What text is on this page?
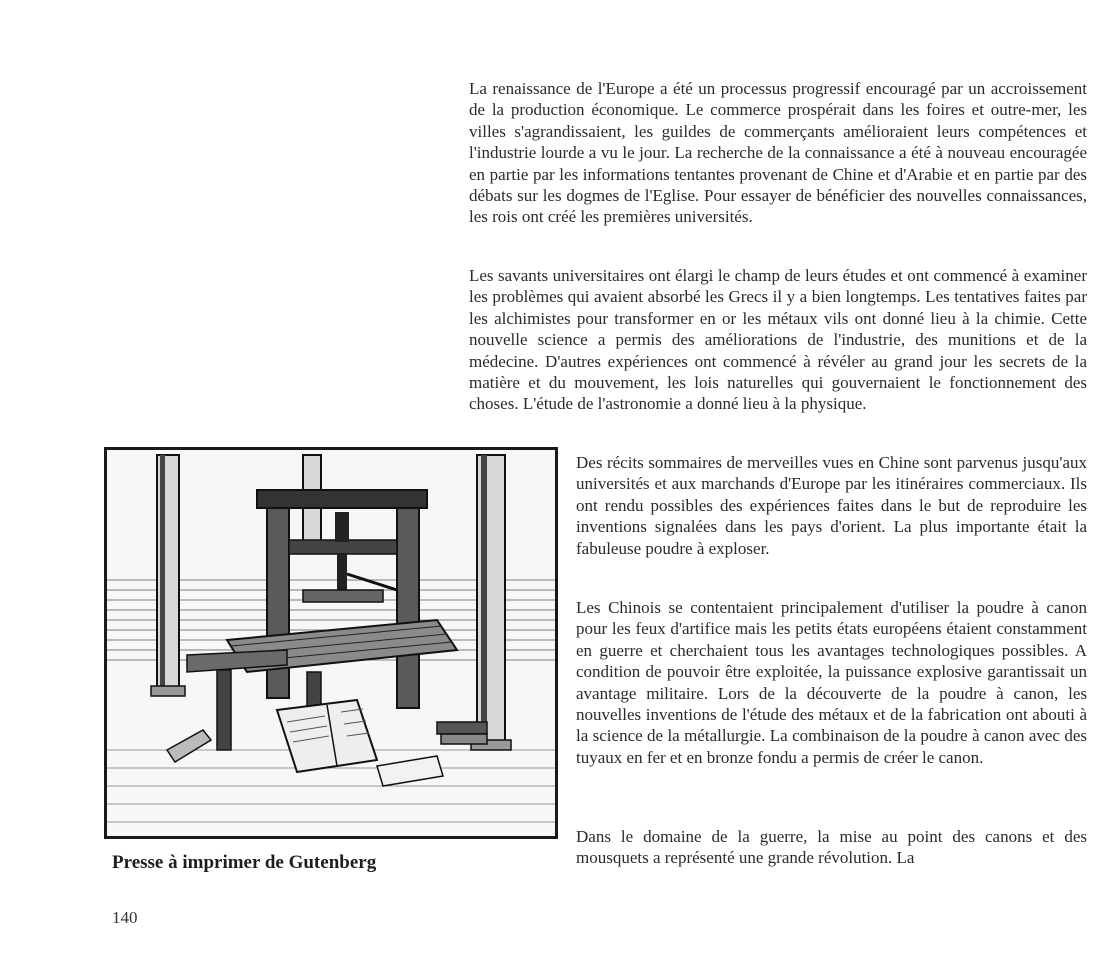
La renaissance de l'Europe a été un processus progressif encouragé par un accroissement de la production économique. Le commerce prospérait dans les foires et outre-mer, les villes s'agrandissaient, les guildes de commerçants amélioraient leurs compétences et l'industrie lourde a vu le jour. La recherche de la connaissance a été à nouveau encouragée en partie par les informations tentantes provenant de Chine et d'Arabie et en partie par des débats sur les dogmes de l'Eglise. Pour essayer de bénéficier des nouvelles connaissances, les rois ont créé les premières universités.

Les savants universitaires ont élargi le champ de leurs études et ont commencé à examiner les problèmes qui avaient absorbé les Grecs il y a bien longtemps. Les tentatives faites par les alchimistes pour transformer en or les métaux vils ont donné lieu à la chimie. Cette nouvelle science a permis des améliorations de l'industrie, des munitions et de la médecine. D'autres expériences ont commencé à révéler au grand jour les secrets de la matière et du mouvement, les lois naturelles qui gouvernaient le fonctionnement des choses. L'étude de l'astronomie a donné lieu à la physique.

Presse à imprimer de Gutenberg

Des récits sommaires de merveilles vues en Chine sont parvenus jusqu'aux universités et aux marchands d'Europe par les itinéraires commerciaux. Ils ont rendu possibles des expériences faites dans le but de reproduire les inventions signalées dans les pays d'orient. La plus importante était la fabuleuse poudre à exploser.

Les Chinois se contentaient principalement d'utiliser la poudre à canon pour les feux d'artifice mais les petits états européens étaient constamment en guerre et cherchaient tous les avantages technologiques possibles. A condition de pouvoir être exploitée, la puissance explosive garantissait un avantage militaire. Lors de la découverte de la poudre à canon, les nouvelles inventions de l'étude des métaux et de la fabrication ont abouti à la science de la métallurgie. La combinaison de la poudre à canon avec des tuyaux en fer et en bronze fondu a permis de créer le canon.

Dans le domaine de la guerre, la mise au point des canons et des mousquets a représenté une grande révolution. La

140
